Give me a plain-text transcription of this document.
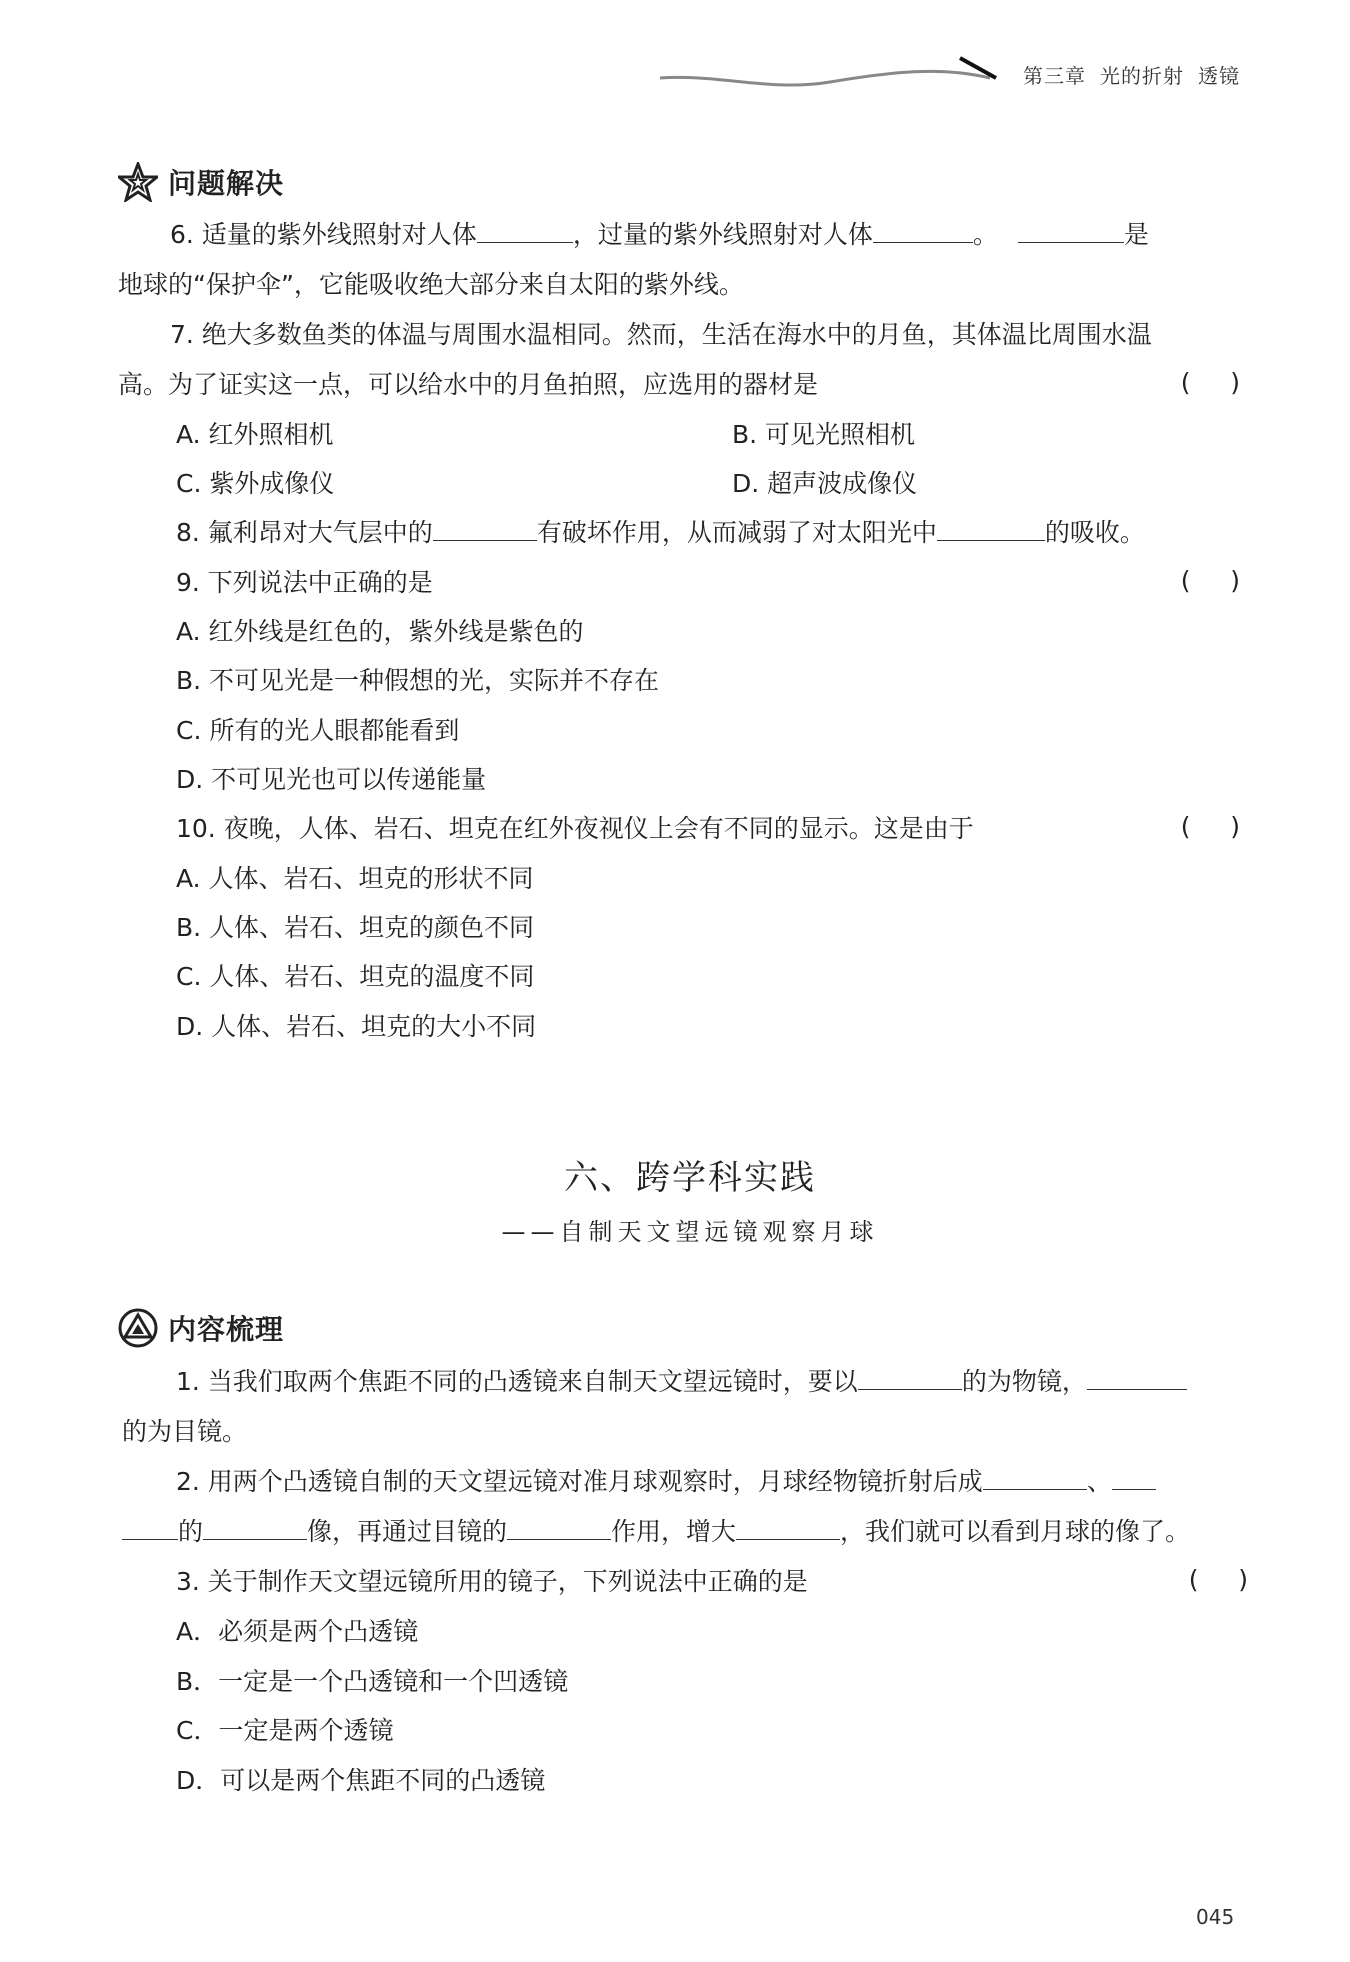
第三章 光的折射 透镜
问题解决
6. 适量的紫外线照射对人体	，过量的紫外线照射对人体	。	是
地球的“保护伞”，它能吸收绝大部分来自太阳的紫外线。
7. 绝大多数鱼类的体温与周围水温相同。然而，生活在海水中的月鱼，其体温比周围水温
高。为了证实这一点，可以给水中的月鱼拍照，应选用的器材是	(     )
A. 红外照相机	B. 可见光照相机
C. 紫外成像仪	D. 超声波成像仪
8. 氟利昂对大气层中的	有破坏作用，从而减弱了对太阳光中	的吸收。
9. 下列说法中正确的是	(     )
A. 红外线是红色的，紫外线是紫色的
B. 不可见光是一种假想的光，实际并不存在
C. 所有的光人眼都能看到
D. 不可见光也可以传递能量
10. 夜晚，人体、岩石、坦克在红外夜视仪上会有不同的显示。这是由于	(     )
A. 人体、岩石、坦克的形状不同
B. 人体、岩石、坦克的颜色不同
C. 人体、岩石、坦克的温度不同
D. 人体、岩石、坦克的大小不同
六、跨学科实践
——自制天文望远镜观察月球
内容梳理
1. 当我们取两个焦距不同的凸透镜来自制天文望远镜时，要以	的为物镜，
的为目镜。
2. 用两个凸透镜自制的天文望远镜对准月球观察时，月球经物镜折射后成	、
的	像，再通过目镜的	作用，增大	，我们就可以看到月球的像了。
3. 关于制作天文望远镜所用的镜子，下列说法中正确的是	(     )
A．必须是两个凸透镜
B．一定是一个凸透镜和一个凹透镜
C．一定是两个透镜
D．可以是两个焦距不同的凸透镜
045
